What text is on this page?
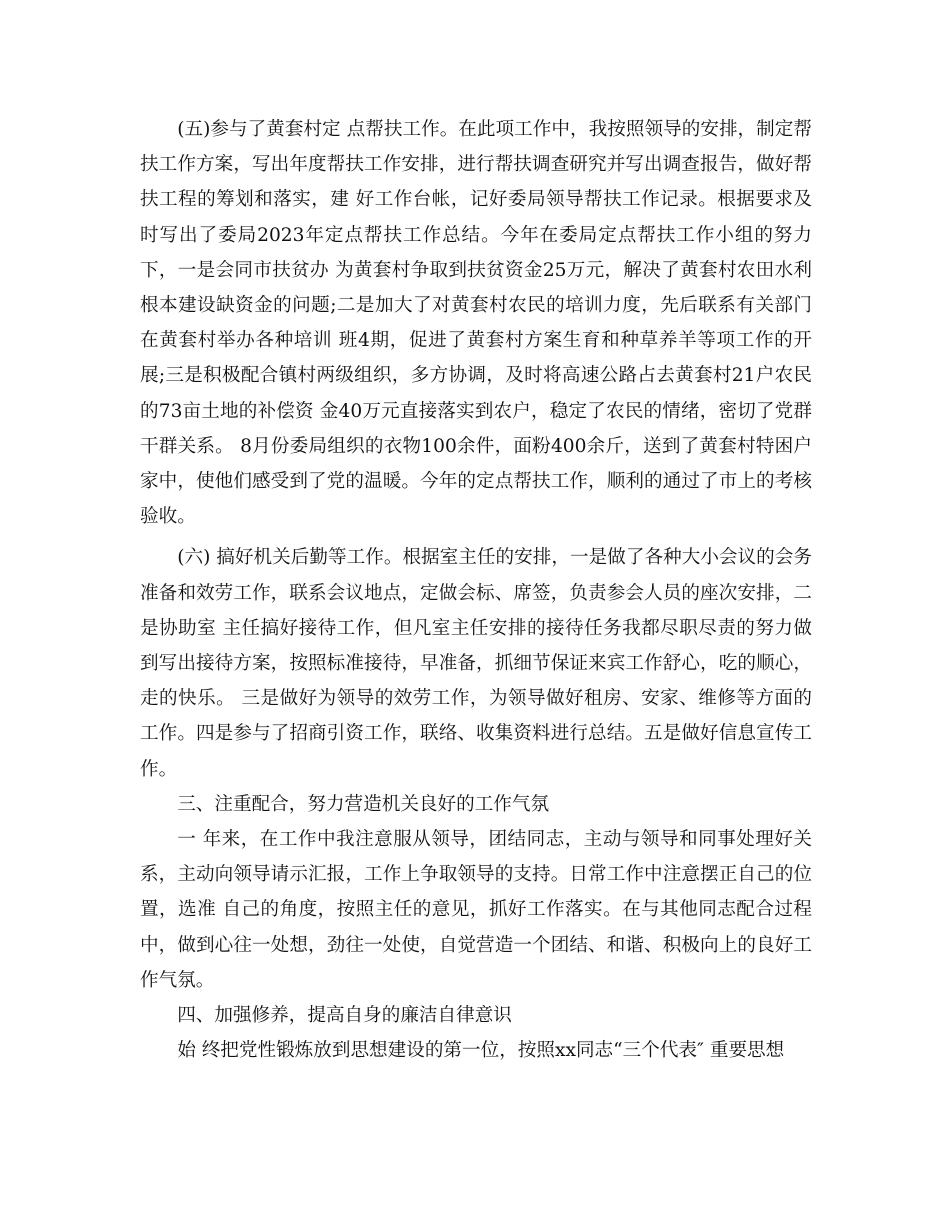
(五)参与了黄套村定 点帮扶工作。在此项工作中，我按照领导的安排，制定帮扶工作方案，写出年度帮扶工作安排，进行帮扶调查研究并写出调查报告，做好帮扶工程的筹划和落实，建 好工作台帐，记好委局领导帮扶工作记录。根据要求及时写出了委局2023年定点帮扶工作总结。今年在委局定点帮扶工作小组的努力下，一是会同市扶贫办 为黄套村争取到扶贫资金25万元，解决了黄套村农田水利根本建设缺资金的问题;二是加大了对黄套村农民的培训力度，先后联系有关部门在黄套村举办各种培训 班4期，促进了黄套村方案生育和种草养羊等项工作的开展;三是积极配合镇村两级组织，多方协调，及时将高速公路占去黄套村21户农民的73亩土地的补偿资 金40万元直接落实到农户，稳定了农民的情绪，密切了党群干群关系。 8月份委局组织的衣物100余件，面粉400余斤，送到了黄套村特困户家中，使他们感受到了党的温暖。今年的定点帮扶工作，顺利的通过了市上的考核验收。

(六) 搞好机关后勤等工作。根据室主任的安排，一是做了各种大小会议的会务准备和效劳工作，联系会议地点，定做会标、席签，负责参会人员的座次安排，二是协助室 主任搞好接待工作，但凡室主任安排的接待任务我都尽职尽责的努力做到写出接待方案，按照标准接待，早准备，抓细节保证来宾工作舒心，吃的顺心，走的快乐。 三是做好为领导的效劳工作，为领导做好租房、安家、维修等方面的工作。四是参与了招商引资工作，联络、收集资料进行总结。五是做好信息宣传工作。

三、注重配合，努力营造机关良好的工作气氛

一 年来，在工作中我注意服从领导，团结同志，主动与领导和同事处理好关系，主动向领导请示汇报，工作上争取领导的支持。日常工作中注意摆正自己的位置，选准 自己的角度，按照主任的意见，抓好工作落实。在与其他同志配合过程中，做到心往一处想，劲往一处使，自觉营造一个团结、和谐、积极向上的良好工作气氛。

四、加强修养，提高自身的廉洁自律意识

始 终把党性锻炼放到思想建设的第一位，按照xx同志“三个代表″ 重要思想
